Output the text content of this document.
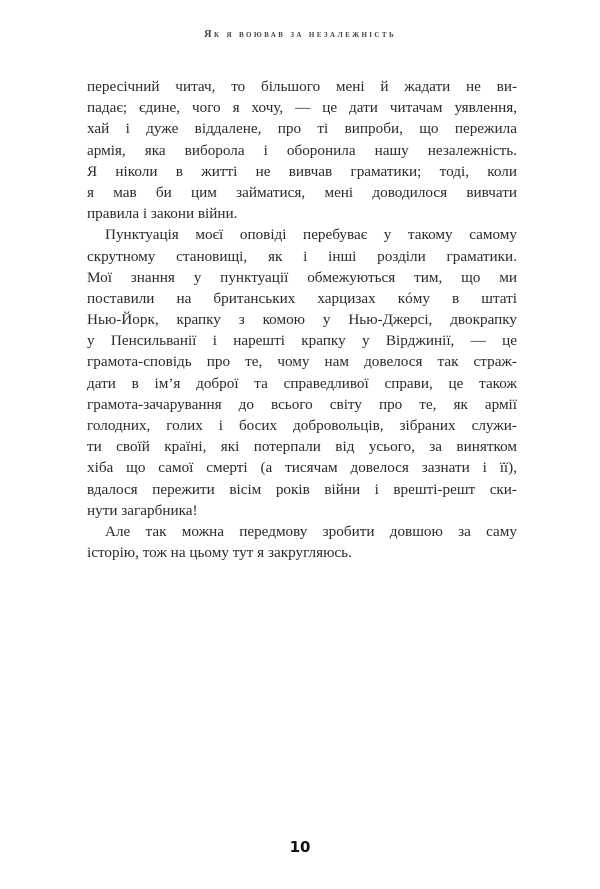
Як я воював за незалежність
пересічний читач, то більшого мені й жадати не ви-
падає; єдине, чого я хочу, — це дати читачам уявлення,
хай і дуже віддалене, про ті випроби, що пережила
армія, яка виборола і оборонила нашу незалежність.
Я ніколи в житті не вивчав граматики; тоді, коли
я мав би цим займатися, мені доводилося вивчати
правила і закони війни.
Пунктуація моєї оповіді перебуває у такому самому
скрутному становищі, як і інші розділи граматики.
Мої знання у пунктуації обмежуються тим, що ми
поставили на британських харцизах кóму в штаті
Нью-Йорк, крапку з комою у Нью-Джерсі, двокрапку
у Пенсильванії і нарешті крапку у Вірджинії, — це
грамота-сповідь про те, чому нам довелося так страж-
дати в ім’я доброї та справедливої справи, це також
грамота-зачарування до всього світу про те, як армії
голодних, голих і босих добровольців, зібраних служи-
ти своїй країні, які потерпали від усього, за винятком
хіба що самої смерті (а тисячам довелося зазнати і її),
вдалося пережити вісім років війни і врешті-решт ски-
нути загарбника!
Але так можна передмову зробити довшою за саму
історію, тож на цьому тут я закругляюсь.
10
